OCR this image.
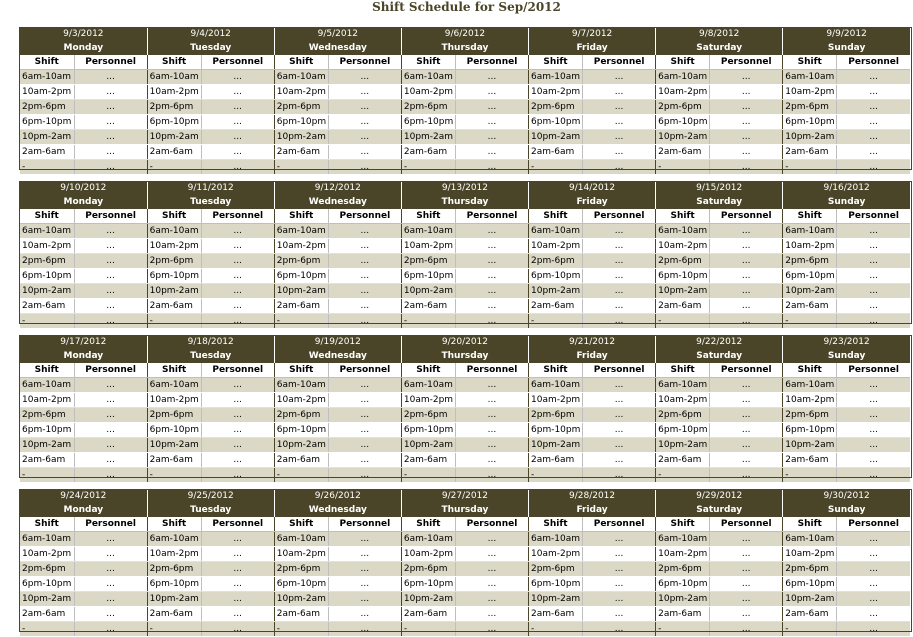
Shift Schedule for Sep/2012
9/3/2012		9/4/2012		9/5/2012		9/6/2012		9/7/2012		9/8/2012		9/9/2012	
Monday		Tuesday		Wednesday		Thursday		Friday		Saturday		Sunday	
Shift	Personnel	Shift	Personnel	Shift	Personnel	Shift	Personnel	Shift	Personnel	Shift	Personnel	Shift	Personnel
6am-10am	...	6am-10am	...	6am-10am	...	6am-10am	...	6am-10am	...	6am-10am	...	6am-10am	...
10am-2pm	...	10am-2pm	...	10am-2pm	...	10am-2pm	...	10am-2pm	...	10am-2pm	...	10am-2pm	...
2pm-6pm	...	2pm-6pm	...	2pm-6pm	...	2pm-6pm	...	2pm-6pm	...	2pm-6pm	...	2pm-6pm	...
6pm-10pm	...	6pm-10pm	...	6pm-10pm	...	6pm-10pm	...	6pm-10pm	...	6pm-10pm	...	6pm-10pm	...
10pm-2am	...	10pm-2am	...	10pm-2am	...	10pm-2am	...	10pm-2am	...	10pm-2am	...	10pm-2am	...
2am-6am	...	2am-6am	...	2am-6am	...	2am-6am	...	2am-6am	...	2am-6am	...	2am-6am	...
-	...	-	...	-	...	-	...	-	...	-	...	-	...
9/10/2012		9/11/2012		9/12/2012		9/13/2012		9/14/2012		9/15/2012		9/16/2012	
Monday		Tuesday		Wednesday		Thursday		Friday		Saturday		Sunday	
Shift	Personnel	Shift	Personnel	Shift	Personnel	Shift	Personnel	Shift	Personnel	Shift	Personnel	Shift	Personnel
6am-10am	...	6am-10am	...	6am-10am	...	6am-10am	...	6am-10am	...	6am-10am	...	6am-10am	...
10am-2pm	...	10am-2pm	...	10am-2pm	...	10am-2pm	...	10am-2pm	...	10am-2pm	...	10am-2pm	...
2pm-6pm	...	2pm-6pm	...	2pm-6pm	...	2pm-6pm	...	2pm-6pm	...	2pm-6pm	...	2pm-6pm	...
6pm-10pm	...	6pm-10pm	...	6pm-10pm	...	6pm-10pm	...	6pm-10pm	...	6pm-10pm	...	6pm-10pm	...
10pm-2am	...	10pm-2am	...	10pm-2am	...	10pm-2am	...	10pm-2am	...	10pm-2am	...	10pm-2am	...
2am-6am	...	2am-6am	...	2am-6am	...	2am-6am	...	2am-6am	...	2am-6am	...	2am-6am	...
-	...	-	...	-	...	-	...	-	...	-	...	-	...
9/17/2012		9/18/2012		9/19/2012		9/20/2012		9/21/2012		9/22/2012		9/23/2012	
Monday		Tuesday		Wednesday		Thursday		Friday		Saturday		Sunday	
Shift	Personnel	Shift	Personnel	Shift	Personnel	Shift	Personnel	Shift	Personnel	Shift	Personnel	Shift	Personnel
6am-10am	...	6am-10am	...	6am-10am	...	6am-10am	...	6am-10am	...	6am-10am	...	6am-10am	...
10am-2pm	...	10am-2pm	...	10am-2pm	...	10am-2pm	...	10am-2pm	...	10am-2pm	...	10am-2pm	...
2pm-6pm	...	2pm-6pm	...	2pm-6pm	...	2pm-6pm	...	2pm-6pm	...	2pm-6pm	...	2pm-6pm	...
6pm-10pm	...	6pm-10pm	...	6pm-10pm	...	6pm-10pm	...	6pm-10pm	...	6pm-10pm	...	6pm-10pm	...
10pm-2am	...	10pm-2am	...	10pm-2am	...	10pm-2am	...	10pm-2am	...	10pm-2am	...	10pm-2am	...
2am-6am	...	2am-6am	...	2am-6am	...	2am-6am	...	2am-6am	...	2am-6am	...	2am-6am	...
-	...	-	...	-	...	-	...	-	...	-	...	-	...
9/24/2012		9/25/2012		9/26/2012		9/27/2012		9/28/2012		9/29/2012		9/30/2012	
Monday		Tuesday		Wednesday		Thursday		Friday		Saturday		Sunday	
Shift	Personnel	Shift	Personnel	Shift	Personnel	Shift	Personnel	Shift	Personnel	Shift	Personnel	Shift	Personnel
6am-10am	...	6am-10am	...	6am-10am	...	6am-10am	...	6am-10am	...	6am-10am	...	6am-10am	...
10am-2pm	...	10am-2pm	...	10am-2pm	...	10am-2pm	...	10am-2pm	...	10am-2pm	...	10am-2pm	...
2pm-6pm	...	2pm-6pm	...	2pm-6pm	...	2pm-6pm	...	2pm-6pm	...	2pm-6pm	...	2pm-6pm	...
6pm-10pm	...	6pm-10pm	...	6pm-10pm	...	6pm-10pm	...	6pm-10pm	...	6pm-10pm	...	6pm-10pm	...
10pm-2am	...	10pm-2am	...	10pm-2am	...	10pm-2am	...	10pm-2am	...	10pm-2am	...	10pm-2am	...
2am-6am	...	2am-6am	...	2am-6am	...	2am-6am	...	2am-6am	...	2am-6am	...	2am-6am	...
-	...	-	...	-	...	-	...	-	...	-	...	-	...
